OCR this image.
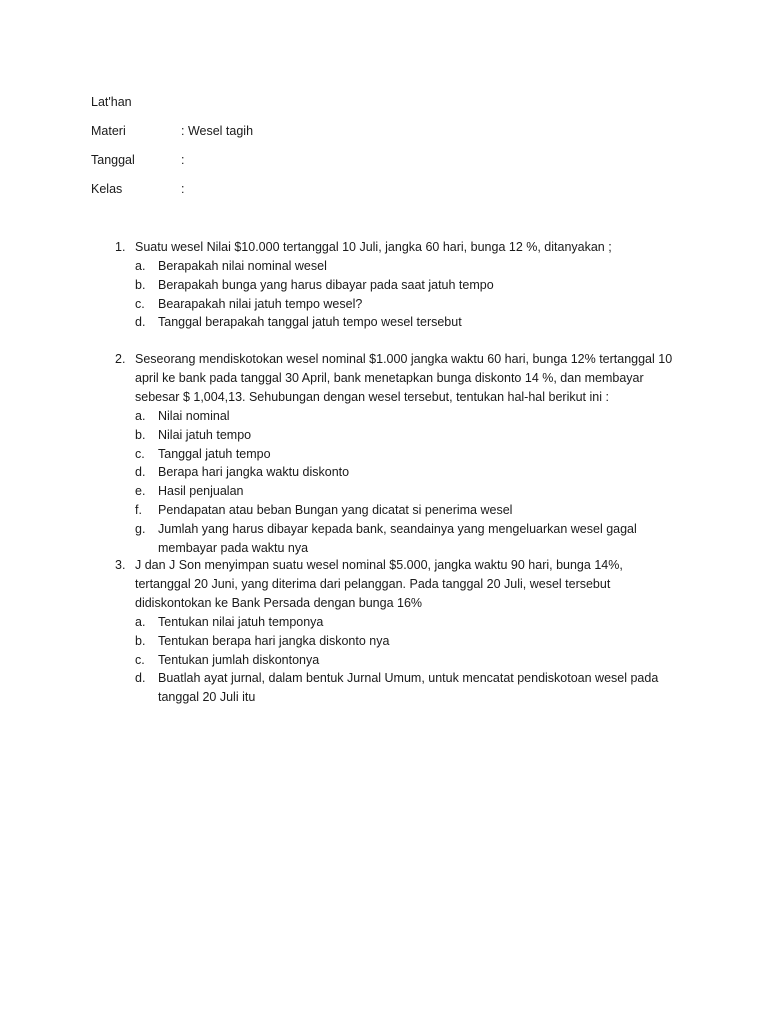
Lat'han
Materi	: Wesel tagih
Tanggal	:
Kelas	:
1. Suatu wesel Nilai $10.000 tertanggal 10 Juli, jangka 60 hari, bunga 12 %, ditanyakan ;
a. Berapakah nilai nominal wesel
b. Berapakah bunga yang harus dibayar pada saat jatuh tempo
c. Bearapakah nilai jatuh tempo wesel?
d. Tanggal berapakah tanggal jatuh tempo wesel tersebut
2. Seseorang mendiskotokan wesel nominal $1.000 jangka waktu 60 hari, bunga 12% tertanggal 10 april ke bank pada tanggal 30 April, bank menetapkan bunga diskonto 14 %, dan membayar sebesar $ 1,004,13. Sehubungan dengan wesel tersebut, tentukan hal-hal berikut ini :
a. Nilai nominal
b. Nilai jatuh tempo
c. Tanggal jatuh tempo
d. Berapa hari jangka waktu diskonto
e. Hasil penjualan
f. Pendapatan atau beban Bungan yang dicatat si penerima wesel
g. Jumlah yang harus dibayar kepada bank, seandainya yang mengeluarkan wesel gagal membayar pada waktu nya
3. J dan J Son menyimpan suatu wesel nominal $5.000, jangka waktu 90 hari, bunga 14%, tertanggal 20 Juni, yang diterima dari pelanggan. Pada tanggal 20 Juli, wesel tersebut didiskontokan ke Bank Persada dengan bunga 16%
a. Tentukan nilai jatuh temponya
b. Tentukan berapa hari jangka diskonto nya
c. Tentukan jumlah diskontonya
d. Buatlah ayat jurnal, dalam bentuk Jurnal Umum, untuk mencatat pendiskotoan wesel pada tanggal 20 Juli itu
